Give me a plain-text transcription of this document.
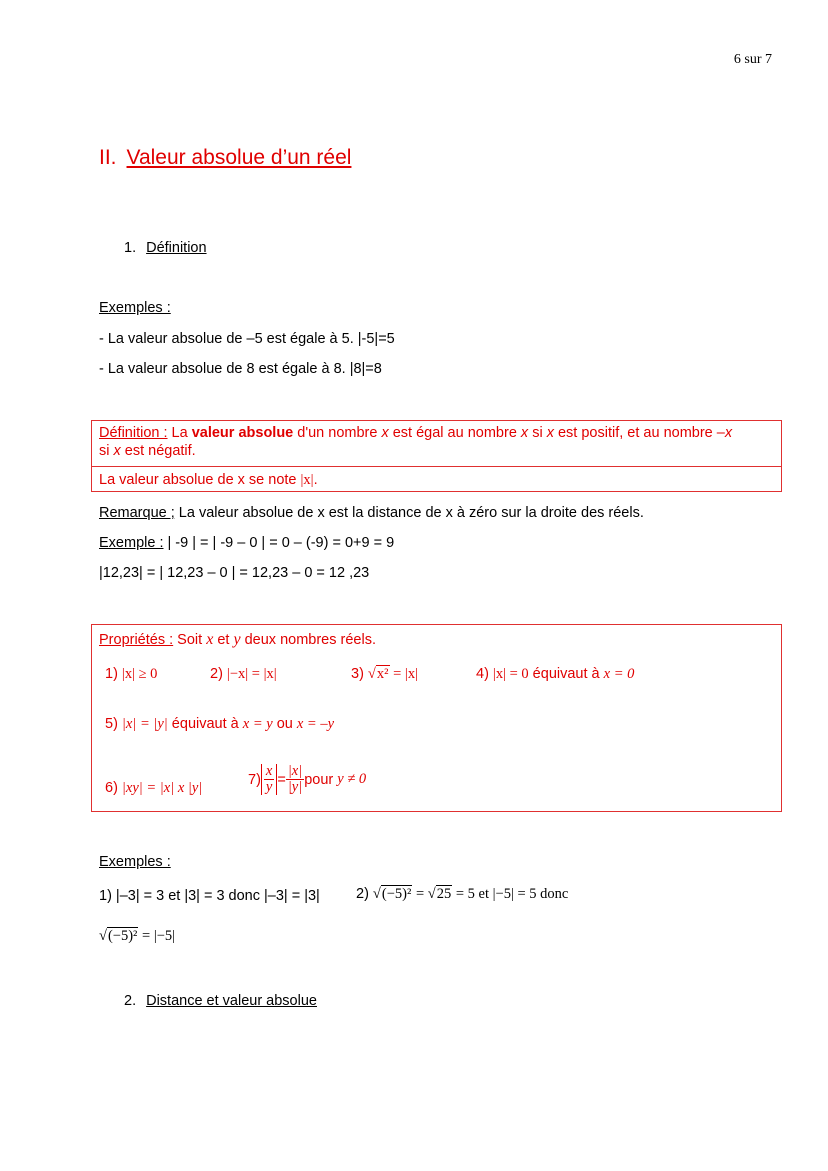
6 sur 7
II. Valeur absolue d’un réel
1. Définition
Exemples :
- La valeur absolue de –5 est égale à 5. |-5|=5
- La valeur absolue de 8 est égale à 8. |8|=8
Définition : La valeur absolue d'un nombre x est égal au nombre x si x est positif, et au nombre –x
si x est négatif.
La valeur absolue de x se note |x|.
Remarque ; La valeur absolue de x est la distance de x à zéro sur la droite des réels.
Exemple : | -9 | = | -9 – 0 | = 0 – (-9) = 0+9 = 9
|12,23| = | 12,23 – 0 | = 12,23 – 0 = 12 ,23
Propriétés : Soit x et y deux nombres réels.
1) |x| ≥ 0	2) |−x| = |x|	3) √x² = |x|	4) |x| = 0 équivaut à x = 0
5) |x| = |y| équivaut à x = y ou x = –y
6) |xy| = |x| x |y|
$7) \frac{x}{y} = \frac{|x|}{|y|}$ pour y ≠ 0
Exemples :
1) |–3| = 3 et |3| = 3 donc |–3| = |3| 2) √(−5)² = √25 = 5 et |−5| = 5 donc
√(−5)² = |−5|
2. Distance et valeur absolue
